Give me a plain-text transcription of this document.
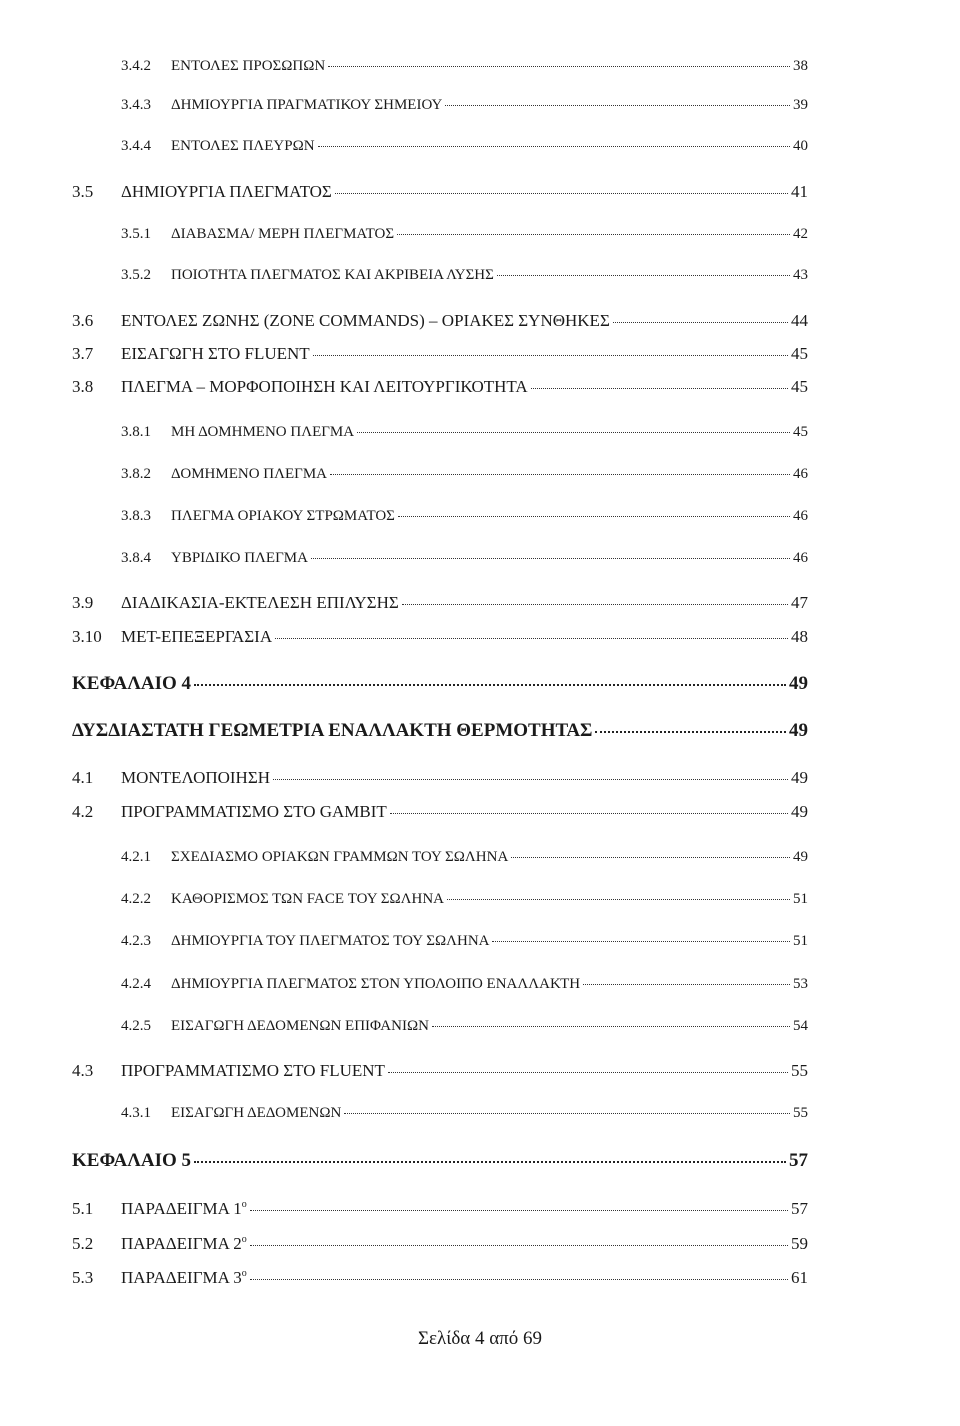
3.4.2	ΕΝΤΟΛΕΣ ΠΡΟΣΩΠΩΝ	38
3.4.3	ΔΗΜΙΟΥΡΓΙΑ ΠΡΑΓΜΑΤΙΚΟΥ ΣΗΜΕΙΟΥ	39
3.4.4	ΕΝΤΟΛΕΣ ΠΛΕΥΡΩΝ	40
3.5	ΔΗΜΙΟΥΡΓΙΑ ΠΛΕΓΜΑΤΟΣ	41
3.5.1	ΔΙΑΒΑΣΜΑ/ ΜΕΡΗ ΠΛΕΓΜΑΤΟΣ	42
3.5.2	ΠΟΙΟΤΗΤΑ ΠΛΕΓΜΑΤΟΣ ΚΑΙ ΑΚΡΙΒΕΙΑ ΛΥΣΗΣ	43
3.6	ΕΝΤΟΛΕΣ ΖΩΝΗΣ (ZONE COMMANDS) – ΟΡΙΑΚΕΣ ΣΥΝΘΗΚΕΣ	44
3.7	ΕΙΣΑΓΩΓΗ ΣΤΟ FLUENT	45
3.8	ΠΛΕΓΜΑ – ΜΟΡΦΟΠΟΙΗΣΗ ΚΑΙ ΛΕΙΤΟΥΡΓΙΚΟΤΗΤΑ	45
3.8.1	ΜΗ ΔΟΜΗΜΕΝΟ ΠΛΕΓΜΑ	45
3.8.2	ΔΟΜΗΜΕΝΟ ΠΛΕΓΜΑ	46
3.8.3	ΠΛΕΓΜΑ ΟΡΙΑΚΟΥ ΣΤΡΩΜΑΤΟΣ	46
3.8.4	ΥΒΡΙΔΙΚΟ ΠΛΕΓΜΑ	46
3.9	ΔΙΑΔΙΚΑΣΙΑ-ΕΚΤΕΛΕΣΗ ΕΠΙΛΥΣΗΣ	47
3.10	ΜΕΤ-ΕΠΕΞΕΡΓΑΣΙΑ	48
ΚΕΦΑΛΑΙΟ 4	49
ΔΥΣΔΙΑΣΤΑΤΗ ΓΕΩΜΕΤΡΙΑ ΕΝΑΛΛΑΚΤΗ ΘΕΡΜΟΤΗΤΑΣ	49
4.1	ΜΟΝΤΕΛΟΠΟΙΗΣΗ	49
4.2	ΠΡΟΓΡΑΜΜΑΤΙΣΜΟ ΣΤΟ GAMBIT	49
4.2.1	ΣΧΕΔΙΑΣΜΟ ΟΡΙΑΚΩΝ ΓΡΑΜΜΩΝ ΤΟΥ ΣΩΛΗΝΑ	49
4.2.2	ΚΑΘΟΡΙΣΜΟΣ ΤΩΝ FACE ΤΟΥ ΣΩΛΗΝΑ	51
4.2.3	ΔΗΜΙΟΥΡΓΙΑ ΤΟΥ ΠΛΕΓΜΑΤΟΣ ΤΟΥ ΣΩΛΗΝΑ	51
4.2.4	ΔΗΜΙΟΥΡΓΙΑ ΠΛΕΓΜΑΤΟΣ ΣΤΟΝ ΥΠΟΛΟΙΠΟ ΕΝΑΛΛΑΚΤΗ	53
4.2.5	ΕΙΣΑΓΩΓΗ ΔΕΔΟΜΕΝΩΝ ΕΠΙΦΑΝΙΩΝ	54
4.3	ΠΡΟΓΡΑΜΜΑΤΙΣΜΟ ΣΤΟ FLUENT	55
4.3.1	ΕΙΣΑΓΩΓΗ ΔΕΔΟΜΕΝΩΝ	55
ΚΕΦΑΛΑΙΟ 5	57
5.1	ΠΑΡΑΔΕΙΓΜΑ $1^o$	57
5.2	ΠΑΡΑΔΕΙΓΜΑ $2^o$	59
5.3	ΠΑΡΑΔΕΙΓΜΑ $3^o$	61
Σελίδα 4 από 69
